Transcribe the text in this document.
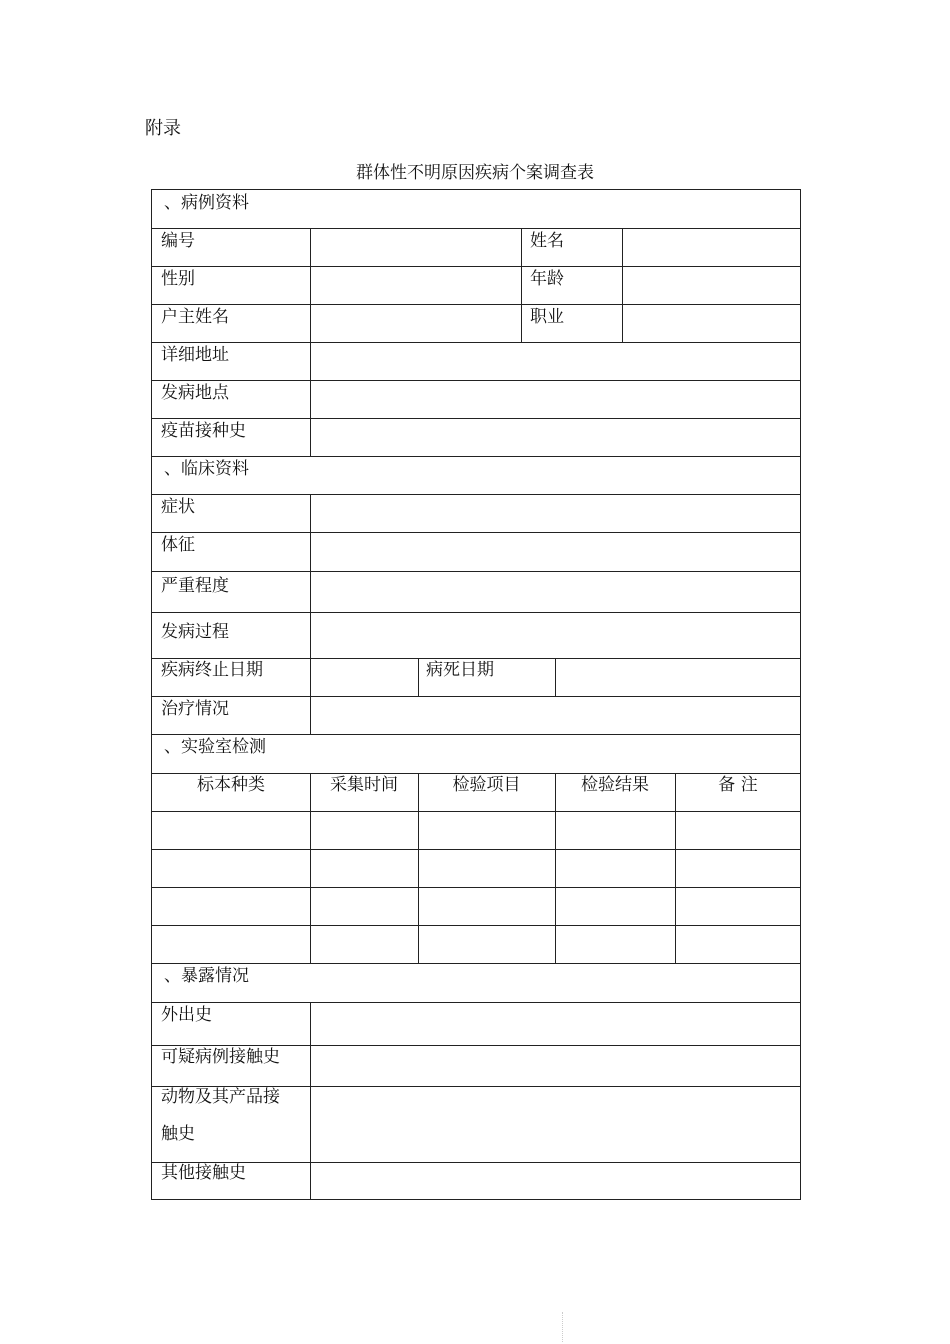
附录
群体性不明原因疾病个案调查表
、病例资料
编号	姓名
性别	年龄
户主姓名	职业
详细地址
发病地点
疫苗接种史
、临床资料
症状
体征
严重程度
发病过程
疾病终止日期	病死日期
治疗情况
、实验室检测
标本种类	采集时间	检验项目	检验结果	备 注
、暴露情况
外出史
可疑病例接触史
动物及其产品接
触史
其他接触史
